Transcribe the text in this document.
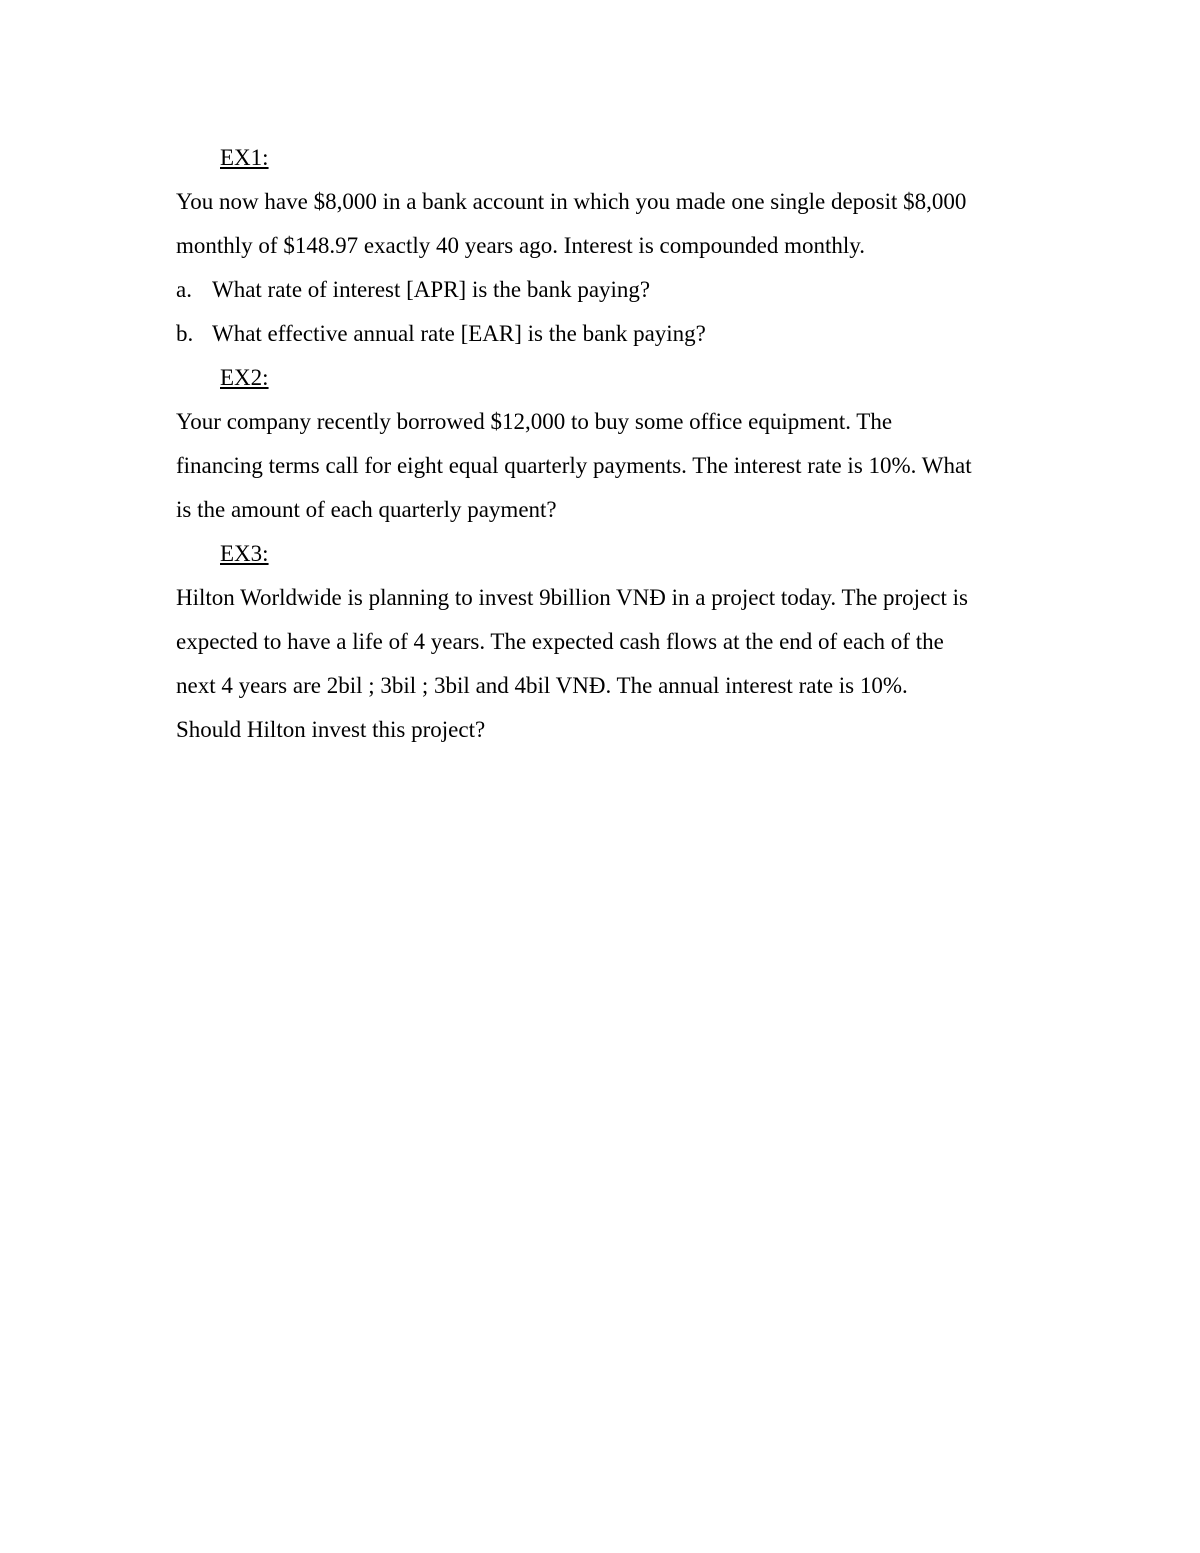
EX1:
You now have $8,000 in a bank account in which you made one single deposit $8,000
monthly of $148.97 exactly 40 years ago. Interest is compounded monthly.
a. What rate of interest [APR] is the bank paying?
b. What effective annual rate [EAR] is the bank paying?
EX2:
Your company recently borrowed $12,000 to buy some office equipment. The
financing terms call for eight equal quarterly payments. The interest rate is 10%. What
is the amount of each quarterly payment?
EX3:
Hilton Worldwide is planning to invest 9billion VNĐ in a project today. The project is
expected to have a life of 4 years. The expected cash flows at the end of each of the
next 4 years are 2bil ; 3bil ; 3bil and 4bil VNĐ. The annual interest rate is 10%.
Should Hilton invest this project?
